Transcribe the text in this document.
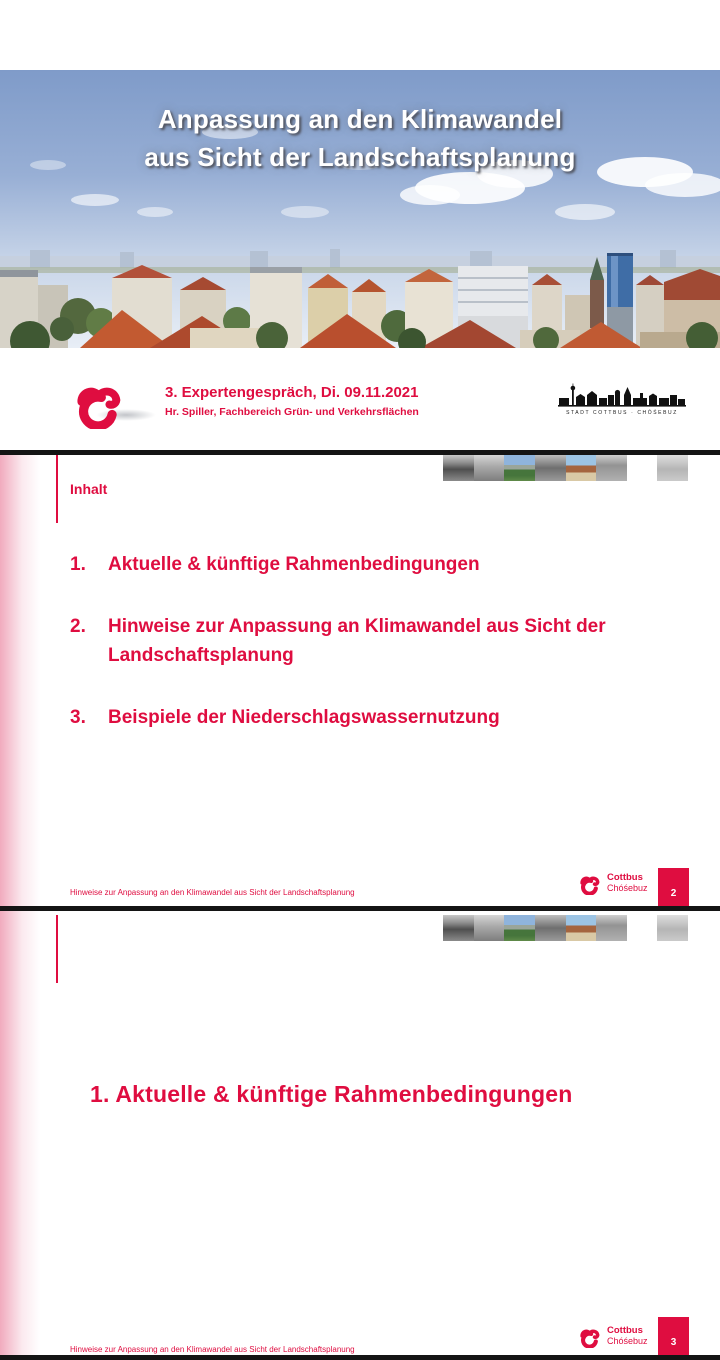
Anpassung an den Klimawandel
aus Sicht der Landschaftsplanung
3. Expertengespräch, Di. 09.11.2021
Hr. Spiller, Fachbereich Grün- und Verkehrsflächen	STADT COTTBUS · CHÓŚEBUZ
Inhalt
1.	Aktuelle & künftige Rahmenbedingungen
2.	Hinweise zur Anpassung an Klimawandel aus Sicht der Landschaftsplanung
3.	Beispiele der Niederschlagswassernutzung
Hinweise zur Anpassung an den Klimawandel aus Sicht der Landschaftsplanung
Cottbus
Chóśebuz
2
1. Aktuelle & künftige Rahmenbedingungen
Hinweise zur Anpassung an den Klimawandel aus Sicht der Landschaftsplanung
Cottbus
Chóśebuz	3
